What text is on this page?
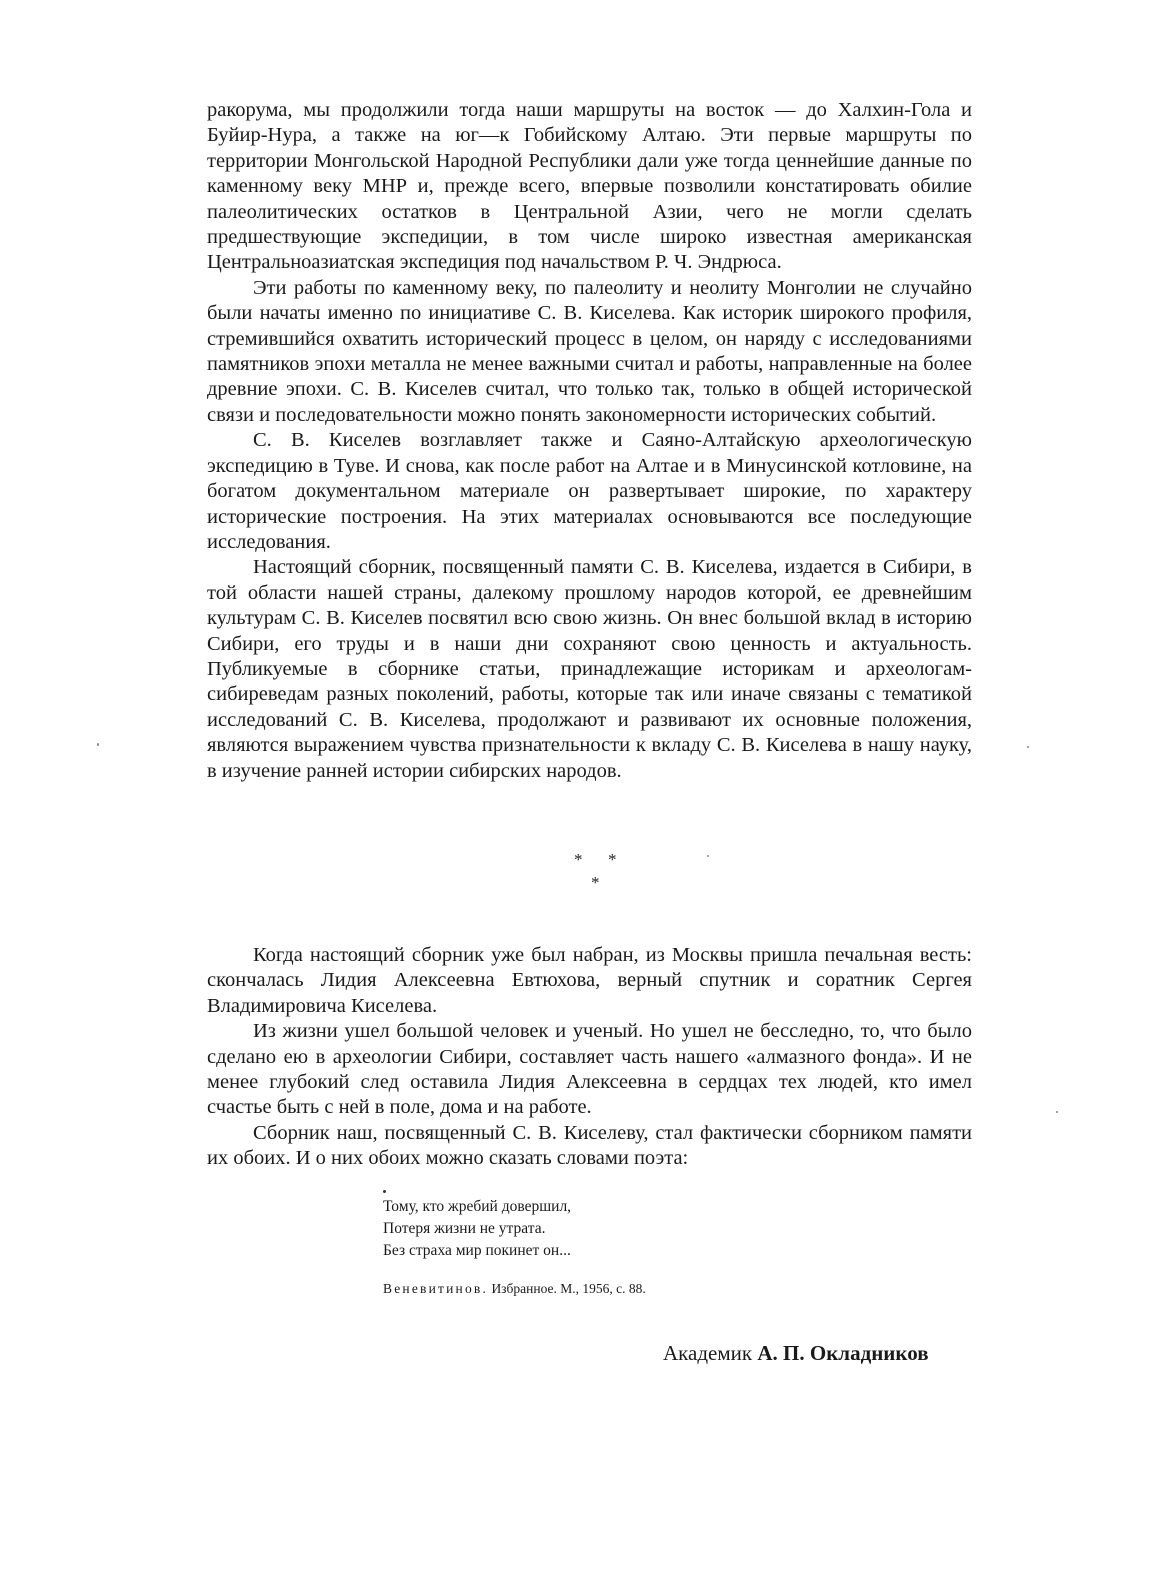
ракорума, мы продолжили тогда наши маршруты на восток — до Халхин-Гола и Буйир-Нура, а также на юг—к Гобийскому Алтаю. Эти первые маршруты по территории Монгольской Народной Республики дали уже тогда ценнейшие данные по каменному веку МНР и, прежде всего, впервые позволили констатировать обилие палеолитических остатков в Центральной Азии, чего не могли сделать предшествующие экспедиции, в том числе широко известная американская Центральноазиатская экспедиция под начальством Р. Ч. Эндрюса.

Эти работы по каменному веку, по палеолиту и неолиту Монголии не случайно были начаты именно по инициативе С. В. Киселева. Как историк широкого профиля, стремившийся охватить исторический процесс в целом, он наряду с исследованиями памятников эпохи металла не менее важными считал и работы, направленные на более древние эпохи. С. В. Киселев считал, что только так, только в общей исторической связи и последовательности можно понять закономерности исторических событий.

С. В. Киселев возглавляет также и Саяно-Алтайскую археологическую экспедицию в Туве. И снова, как после работ на Алтае и в Минусинской котловине, на богатом документальном материале он развертывает широкие, по характеру исторические построения. На этих материалах основываются все последующие исследования.

Настоящий сборник, посвященный памяти С. В. Киселева, издается в Сибири, в той области нашей страны, далекому прошлому народов которой, ее древнейшим культурам С. В. Киселев посвятил всю свою жизнь. Он внес большой вклад в историю Сибири, его труды и в наши дни сохраняют свою ценность и актуальность. Публикуемые в сборнике статьи, принадлежащие историкам и археологам-сибиреведам разных поколений, работы, которые так или иначе связаны с тематикой исследований С. В. Киселева, продолжают и развивают их основные положения, являются выражением чувства признательности к вкладу С. В. Киселева в нашу науку, в изучение ранней истории сибирских народов.

* *
*

Когда настоящий сборник уже был набран, из Москвы пришла печальная весть: скончалась Лидия Алексеевна Евтюхова, верный спутник и соратник Сергея Владимировича Киселева.

Из жизни ушел большой человек и ученый. Но ушел не бесследно, то, что было сделано ею в археологии Сибири, составляет часть нашего «алмазного фонда». И не менее глубокий след оставила Лидия Алексеевна в сердцах тех людей, кто имел счастье быть с ней в поле, дома и на работе.

Сборник наш, посвященный С. В. Киселеву, стал фактически сборником памяти их обоих. И о них обоих можно сказать словами поэта:

Тому, кто жребий довершил,
Потеря жизни не утрата.
Без страха мир покинет он...
Веневитинов. Избранное. М., 1956, с. 88.
Академик А. П. Окладников
